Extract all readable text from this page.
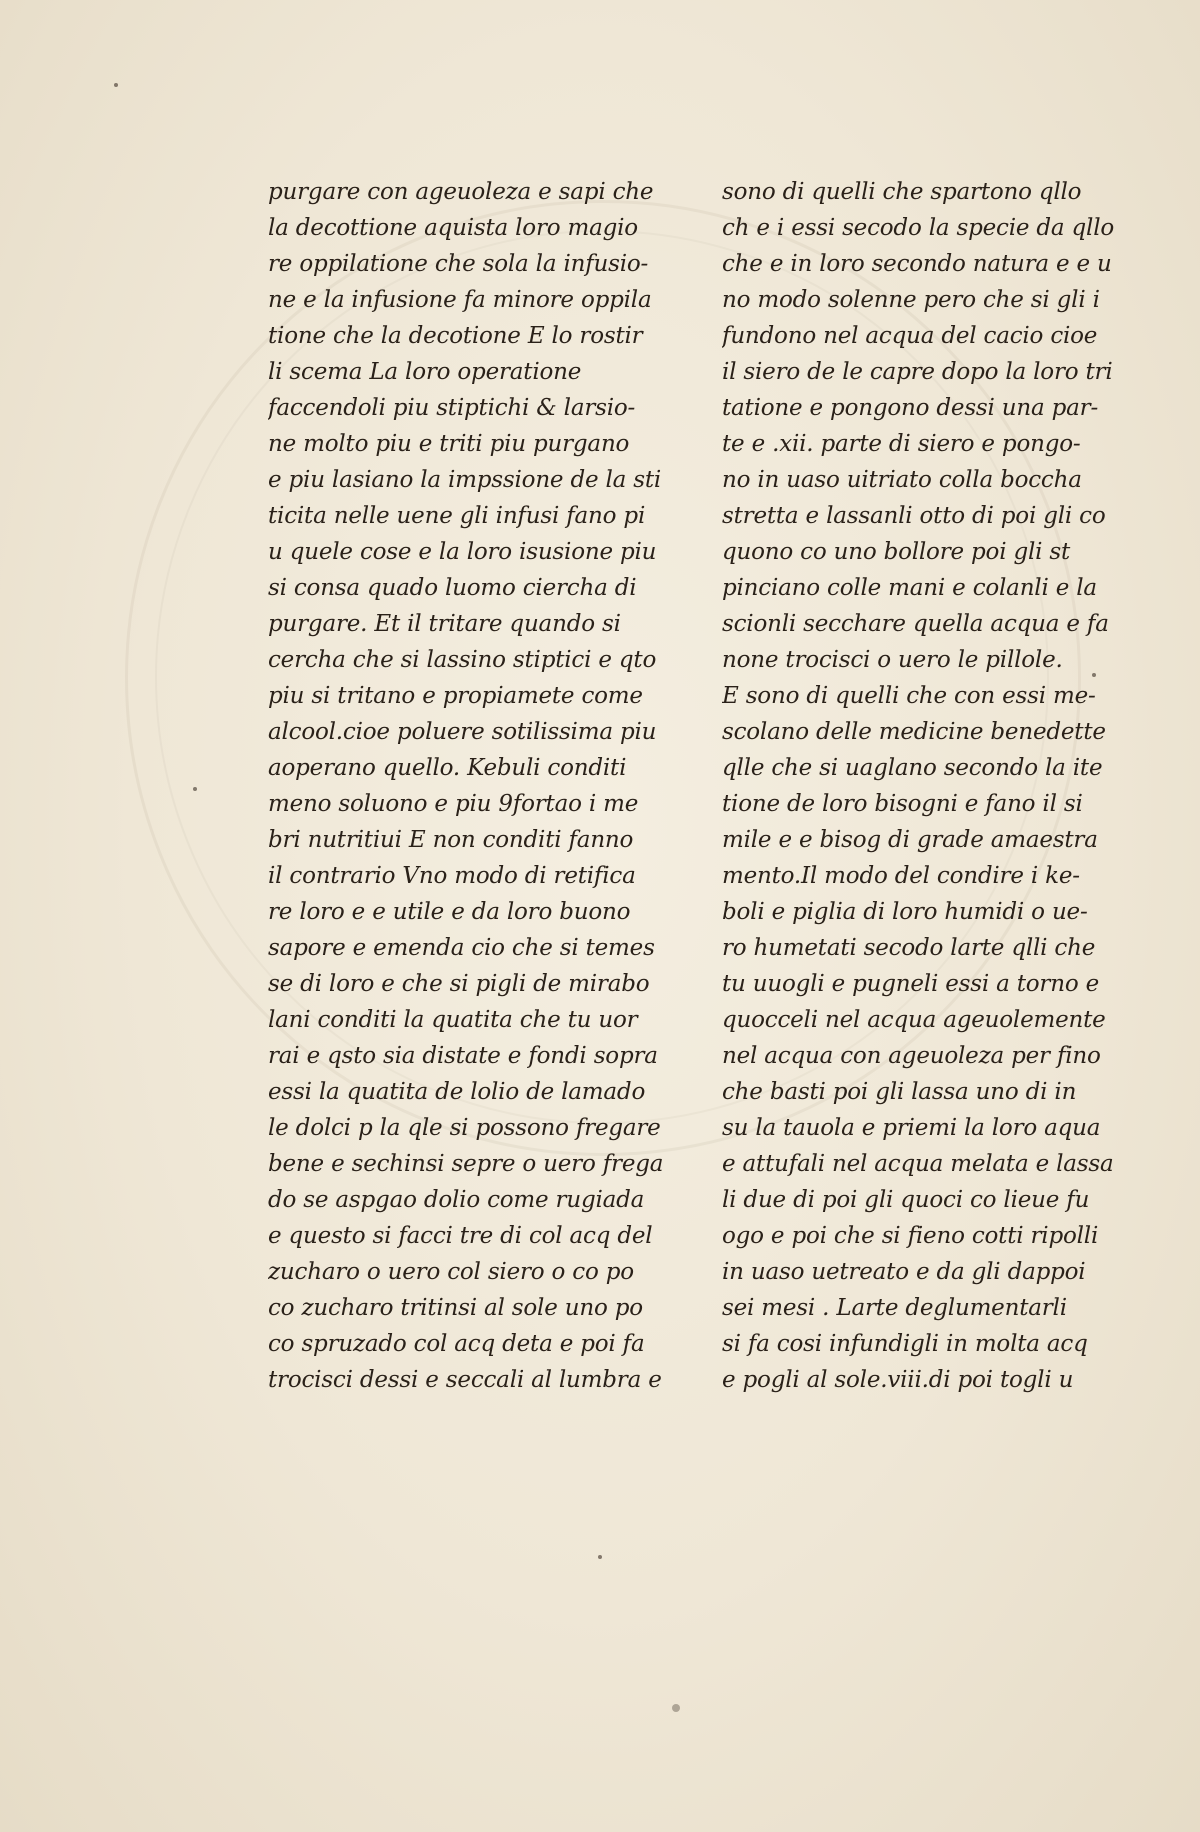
purgare con ageuoleza e sapi che
la decottione aquista loro magio
re oppilatione che sola la infusio-
ne e la infusione fa minore oppila
tione che la decotione E lo rostir
li scema La loro operatione
faccendoli piu stiptichi & larsio-
ne molto piu e triti piu purgano
e piu lasiano la impssione de la sti
ticita nelle uene gli infusi fano pi
u quele cose e la loro isusione piu
si consa quado luomo ciercha di
purgare. Et il tritare quando si
cercha che si lassino stiptici e qto
piu si tritano e propiamete come
alcool.cioe poluere sotilissima piu
aoperano quello. Kebuli conditi
meno soluono e piu 9fortao i me
bri nutritiui E non conditi fanno
il contrario Vno modo di retifica
re loro e e utile e da loro buono
sapore e emenda cio che si temes
se di loro e che si pigli de mirabo
lani conditi la quatita che tu uor
rai e qsto sia distate e fondi sopra
essi la quatita de lolio de lamado
le dolci p la qle si possono fregare
bene e sechinsi sepre o uero frega
do se aspgao dolio come rugiada
e questo si facci tre di col acq del
zucharo o uero col siero o co po
co zucharo tritinsi al sole uno po
co spruzado col acq deta e poi fa
trocisci dessi e seccali al lumbra e
sono di quelli che spartono qllo
ch e i essi secodo la specie da qllo
che e in loro secondo natura e e u
no modo solenne pero che si gli i
fundono nel acqua del cacio cioe
il siero de le capre dopo la loro tri
tatione e pongono dessi una par-
te e .xii. parte di siero e pongo-
no in uaso uitriato colla boccha
stretta e lassanli otto di poi gli co
quono co uno bollore poi gli st
pinciano colle mani e colanli e la
scionli secchare quella acqua e fa
none trocisci o uero le pillole.
E sono di quelli che con essi me-
scolano delle medicine benedette
qlle che si uaglano secondo la ite
tione de loro bisogni e fano il si
mile e e bisog di grade amaestra
mento.Il modo del condire i ke-
boli e piglia di loro humidi o ue-
ro humetati secodo larte qlli che
tu uuogli e pugneli essi a torno e
quocceli nel acqua ageuolemente
nel acqua con ageuoleza per fino
che basti poi gli lassa uno di in
su la tauola e priemi la loro aqua
e attufali nel acqua melata e lassa
li due di poi gli quoci co lieue fu
ogo e poi che si fieno cotti ripolli
in uaso uetreato e da gli dappoi
sei mesi . Larte deglumentarli
si fa cosi infundigli in molta acq
e pogli al sole.viii.di poi togli u
